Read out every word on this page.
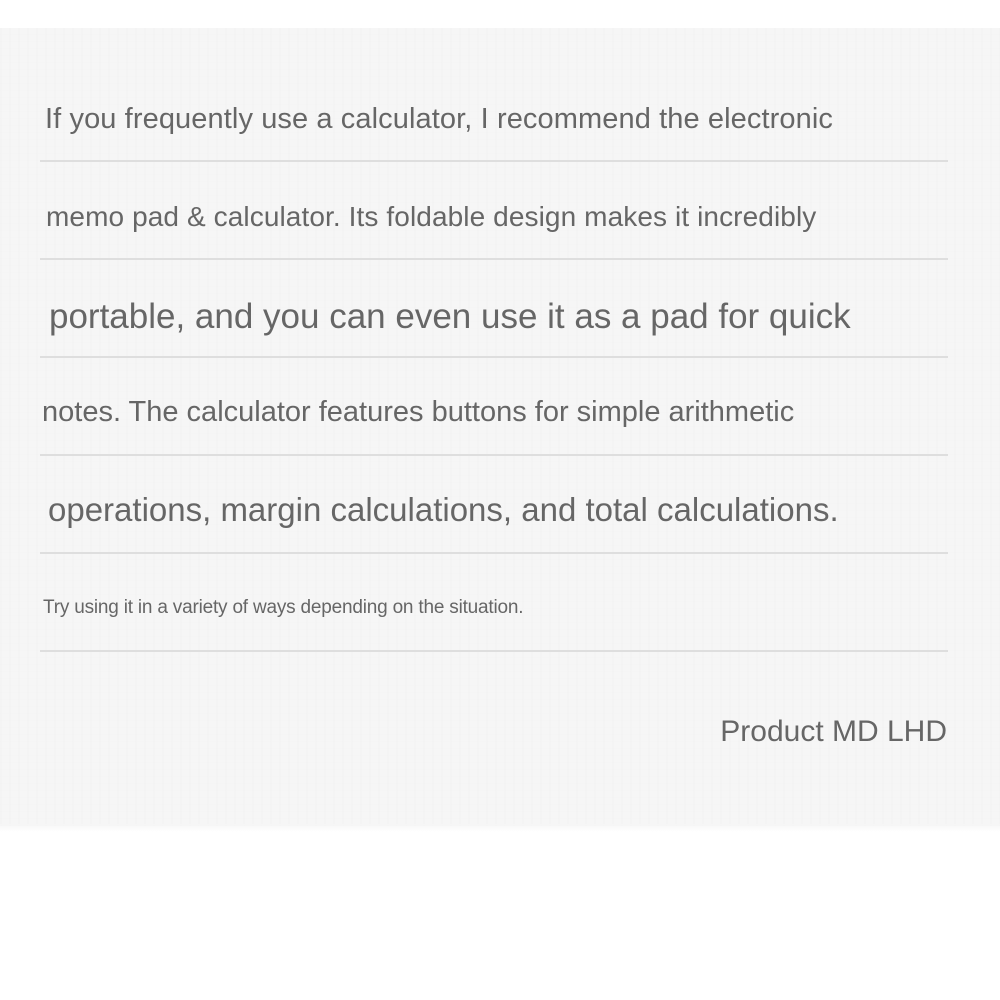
If you frequently use a calculator, I recommend the electronic
memo pad & calculator. Its foldable design makes it incredibly
portable, and you can even use it as a pad for quick
notes. The calculator features buttons for simple arithmetic
operations, margin calculations, and total calculations.
Try using it in a variety of ways depending on the situation.
Product MD LHD
